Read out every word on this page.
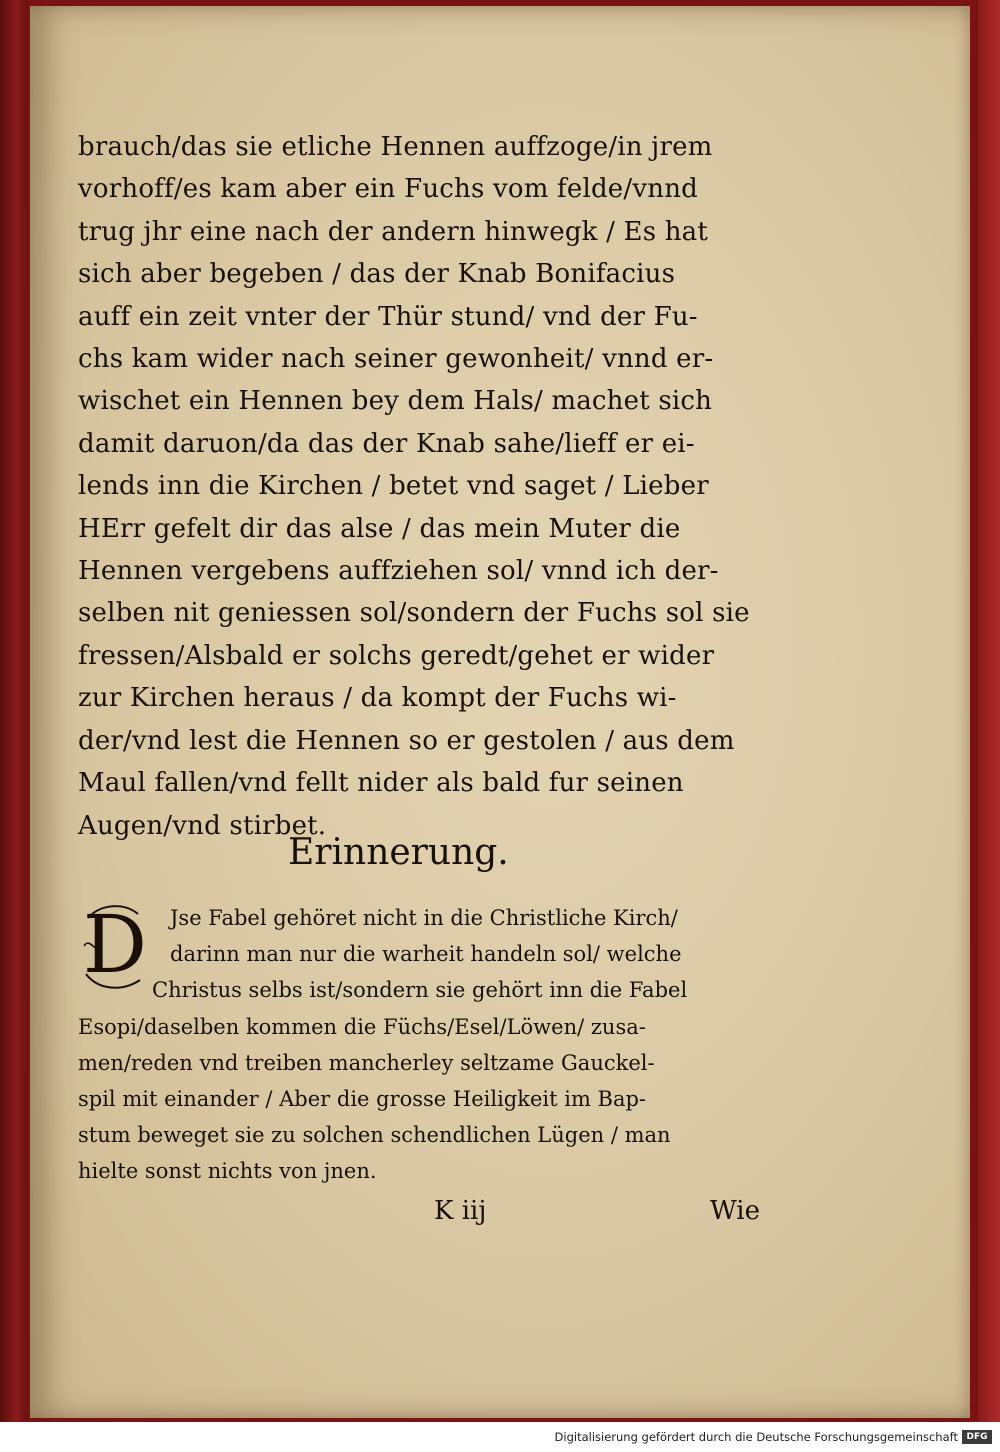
brauch/das sie etliche Hennen auffzoge/in jrem
vorhoff/es kam aber ein Fuchs vom felde/vnnd
trug jhr eine nach der andern hinwegk / Es hat
sich aber begeben / das der Knab Bonifacius
auff ein zeit vnter der Thür stund/ vnd der Fu-
chs kam wider nach seiner gewonheit/ vnnd er-
wischet ein Hennen bey dem Hals/ machet sich
damit daruon/da das der Knab sahe/lieff er ei-
lends inn die Kirchen / betet vnd saget / Lieber
HErr gefelt dir das alse / das mein Muter die
Hennen vergebens auffziehen sol/ vnnd ich der-
selben nit geniessen sol/sondern der Fuchs sol sie
fressen/Alsbald er solchs geredt/gehet er wider
zur Kirchen heraus / da kompt der Fuchs wi-
der/vnd lest die Hennen so er gestolen / aus dem
Maul fallen/vnd fellt nider als bald fur seinen
Augen/vnd stirbet.
Erinnerung.
D	Jse Fabel gehöret nicht in die Christliche Kirch/
darinn man nur die warheit handeln sol/ welche
Christus selbs ist/sondern sie gehört inn die Fabel
Esopi/daselben kommen die Füchs/Esel/Löwen/ zusa-
men/reden vnd treiben mancherley seltzame Gauckel-
spil mit einander / Aber die grosse Heiligkeit im Bap-
stum beweget sie zu solchen schendlichen Lügen / man
hielte sonst nichts von jnen.
K iij	Wie
Digitalisierung gefördert durch die Deutsche Forschungsgemeinschaft DFG
